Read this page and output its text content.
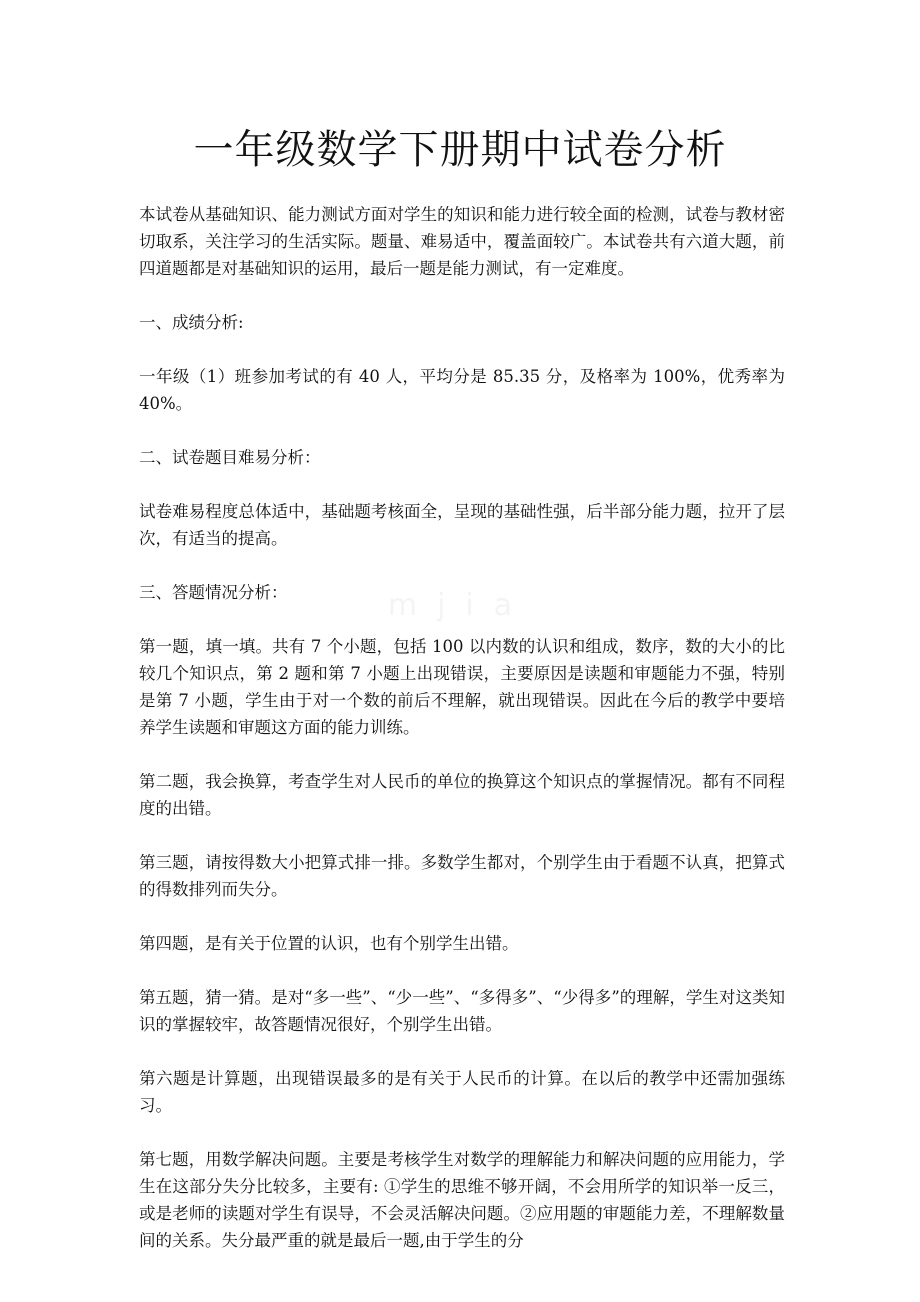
一年级数学下册期中试卷分析
mjia

本试卷从基础知识、能力测试方面对学生的知识和能力进行较全面的检测，试卷与教材密切取系，关注学习的生活实际。题量、难易适中，覆盖面较广。本试卷共有六道大题，前四道题都是对基础知识的运用，最后一题是能力测试，有一定难度。

一、成绩分析:

一年级（1）班参加考试的有 40 人，平均分是 85.35 分，及格率为 100%，优秀率为 40%。

二、试卷题目难易分析：

试卷难易程度总体适中，基础题考核面全，呈现的基础性强，后半部分能力题，拉开了层次，有适当的提高。

三、答题情况分析：

第一题，填一填。共有 7 个小题，包括 100 以内数的认识和组成，数序，数的大小的比较几个知识点，第 2 题和第 7 小题上出现错误，主要原因是读题和审题能力不强，特别是第 7 小题，学生由于对一个数的前后不理解，就出现错误。因此在今后的教学中要培养学生读题和审题这方面的能力训练。

第二题，我会换算，考查学生对人民币的单位的换算这个知识点的掌握情况。都有不同程度的出错。

第三题，请按得数大小把算式排一排。多数学生都对，个别学生由于看题不认真，把算式的得数排列而失分。

第四题，是有关于位置的认识，也有个别学生出错。

第五题，猜一猜。是对“多一些”、“少一些”、“多得多”、“少得多”的理解，学生对这类知识的掌握较牢，故答题情况很好，个别学生出错。

第六题是计算题，出现错误最多的是有关于人民币的计算。在以后的教学中还需加强练习。

第七题，用数学解决问题。主要是考核学生对数学的理解能力和解决问题的应用能力，学生在这部分失分比较多，主要有: ①学生的思维不够开阔，不会用所学的知识举一反三，或是老师的读题对学生有误导，不会灵活解决问题。②应用题的审题能力差，不理解数量间的关系。失分最严重的就是最后一题,由于学生的分
